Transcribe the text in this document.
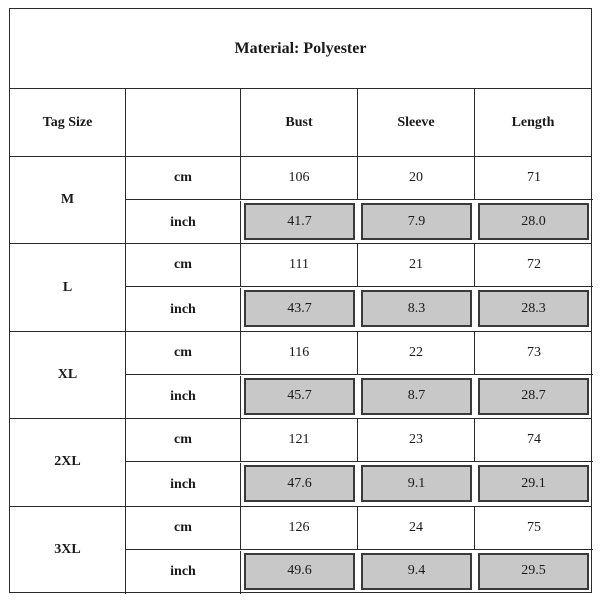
Material: Polyester
Tag Size	Bust	Sleeve	Length
M
cm	106	20	71
inch	41.7	7.9	28.0
L
cm	111	21	72
inch	43.7	8.3	28.3
XL
cm	116	22	73
inch	45.7	8.7	28.7
2XL
cm	121	23	74
inch	47.6	9.1	29.1
3XL
cm	126	24	75
inch	49.6	9.4	29.5
